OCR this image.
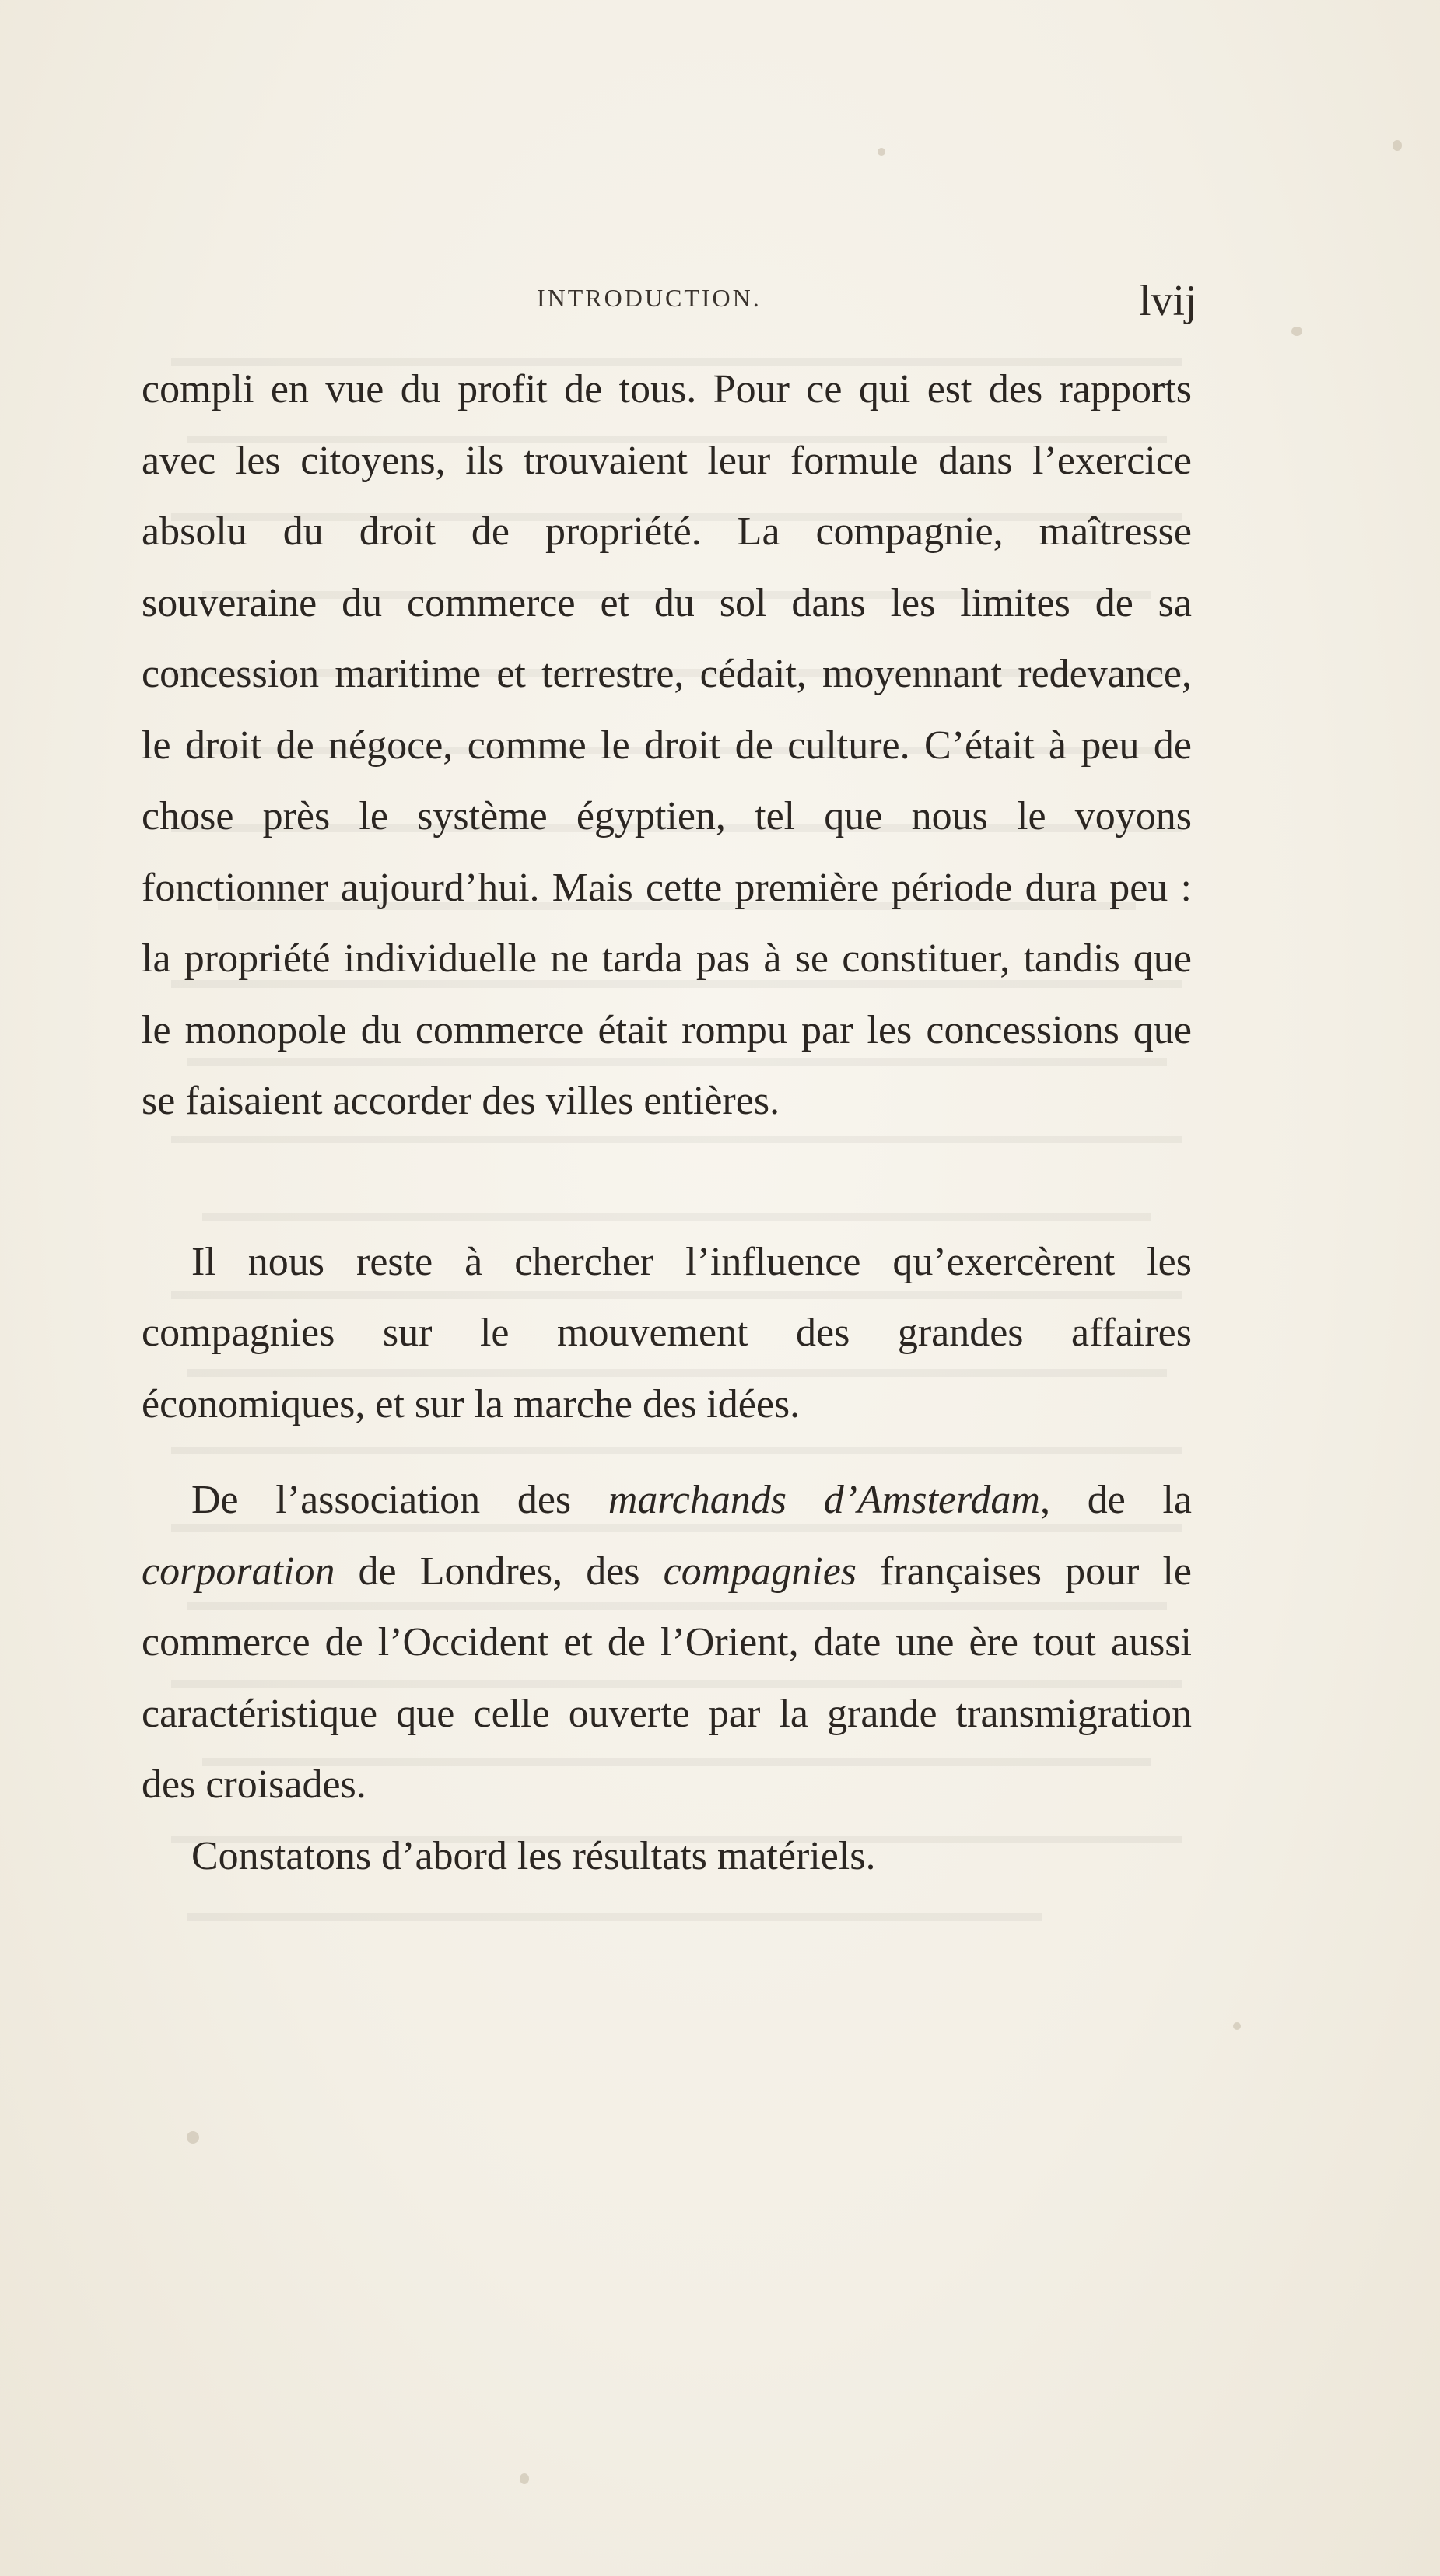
INTRODUCTION.	lvij

compli en vue du profit de tous. Pour ce qui est des rapports avec les citoyens, ils trouvaient leur formule dans l’exercice absolu du droit de propriété. La compagnie, maîtresse souveraine du commerce et du sol dans les limites de sa concession maritime et terrestre, cédait, moyennant redevance, le droit de négoce, comme le droit de culture. C’était à peu de chose près le système égyptien, tel que nous le voyons fonctionner aujourd’hui. Mais cette première période dura peu : la propriété individuelle ne tarda pas à se constituer, tandis que le monopole du commerce était rompu par les concessions que se faisaient accorder des villes entières.

Il nous reste à chercher l’influence qu’exercèrent les compagnies sur le mouvement des grandes affaires économiques, et sur la marche des idées.

De l’association des marchands d’Amsterdam, de la corporation de Londres, des compagnies françaises pour le commerce de l’Occident et de l’Orient, date une ère tout aussi caractéristique que celle ouverte par la grande transmigration des croisades.

Constatons d’abord les résultats matériels.
